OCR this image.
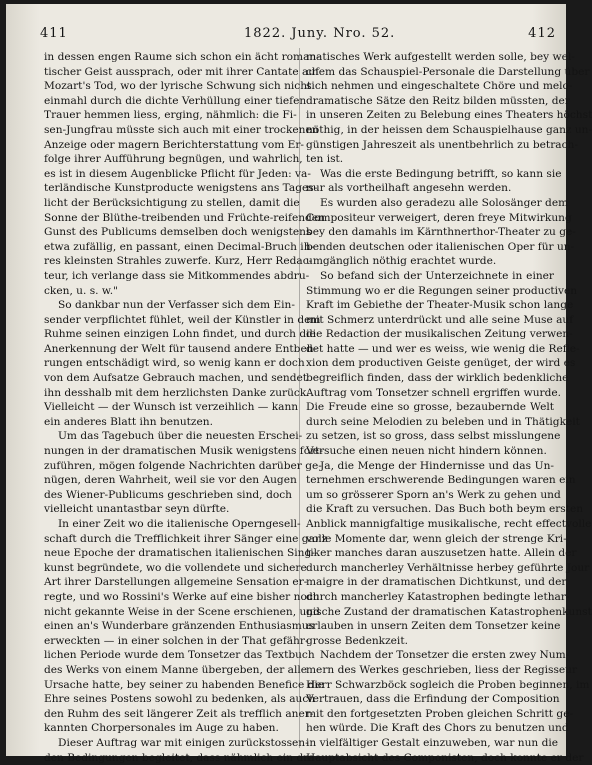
411	1822. Juny. Nro. 52.	412
in dessen engen Raume sich schon ein ächt roman-
tischer Geist aussprach, oder mit ihrer Cantate auf
Mozart's Tod, wo der lyrische Schwung sich nicht
einmahl durch die dichte Verhüllung einer tiefen
Trauer hemmen liess, erging, nähmlich: die Fi-
sen-Jungfrau müsste sich auch mit einer trockenen
Anzeige oder magern Berichterstattung vom Er-
folge ihrer Aufführung begnügen, und wahrlich,
es ist in diesem Augenblicke Pflicht für Jeden: va-
terländische Kunstproducte wenigstens ans Tages-
licht der Berücksichtigung zu stellen, damit die
Sonne der Blüthe-treibenden und Früchte-reifenden
Gunst des Publicums demselben doch wenigstens
etwa zufällig, en passant, einen Decimal-Bruch ih-
res kleinsten Strahles zuwerfe. Kurz, Herr Redac-
teur, ich verlange dass sie Mitkommendes abdru-
cken, u. s. w."
So dankbar nun der Verfasser sich dem Ein-
sender verpflichtet fühlet, weil der Künstler in dem
Ruhme seinen einzigen Lohn findet, und durch die
Anerkennung der Welt für tausend andere Entbeh-
rungen entschädigt wird, so wenig kann er doch
von dem Aufsatze Gebrauch machen, und sendet
ihn desshalb mit dem herzlichsten Danke zurück.
Vielleicht — der Wunsch ist verzeihlich — kann
ein anderes Blatt ihn benutzen.
Um das Tagebuch über die neuesten Erschei-
nungen in der dramatischen Musik wenigstens fort-
zuführen, mögen folgende Nachrichten darüber ge-
nügen, deren Wahrheit, weil sie vor den Augen
des Wiener-Publicums geschrieben sind, doch
vielleicht unantastbar seyn dürfte.
In einer Zeit wo die italienische Operngesell-
schaft durch die Trefflichkeit ihrer Sänger eine ganz
neue Epoche der dramatischen italienischen Sing-
kunst begründete, wo die vollendete und sichere
Art ihrer Darstellungen allgemeine Sensation er-
regte, und wo Rossini's Werke auf eine bisher noch
nicht gekannte Weise in der Scene erschienen, und
einen an's Wunderbare gränzenden Enthusiasmus
erweckten — in einer solchen in der That gefähr-
lichen Periode wurde dem Tonsetzer das Textbuch
des Werks von einem Manne übergeben, der alle
Ursache hatte, bey seiner zu habenden Benefice die
Ehre seines Postens sowohl zu bedenken, als auch
den Ruhm des seit längerer Zeit als trefflich aner-
kannten Chorpersonales im Auge zu haben.
Dieser Auftrag war mit einigen zurückstossen-
den Bedingungen begleitet, dass nähmlich ein dra-
matisches Werk aufgestellt werden solle, bey wel-
chem das Schauspiel-Personale die Darstellung über
sich nehmen und eingeschaltete Chöre und melo-
dramatische Sätze den Reitz bilden müssten, der
in unseren Zeiten zu Belebung eines Theaters höchst
nöthig, in der heissen dem Schauspielhause ganz un-
günstigen Jahreszeit als unentbehrlich zu betrach-
ten ist.
Was die erste Bedingung betrifft, so kann sie
nur als vortheilhaft angesehn werden.
Es wurden also geradezu alle Solosänger dem
Compositeur verweigert, deren freye Mitwirkung
bey den damahls im Kärnthnerthor-Theater zu ge-
benden deutschen oder italienischen Oper für un-
umgänglich nöthig erachtet wurde.
So befand sich der Unterzeichnete in einer
Stimmung wo er die Regungen seiner productiven
Kraft im Gebiethe der Theater-Musik schon lange
mit Schmerz unterdrückt und alle seine Muse auf
die Redaction der musikalischen Zeitung verwen-
det hatte — und wer es weiss, wie wenig die Refle-
xion dem productiven Geiste genüget, der wird es
begreiflich finden, dass der wirklich bedenkliche
Auftrag vom Tonsetzer schnell ergriffen wurde.
Die Freude eine so grosse, bezaubernde Welt
durch seine Melodien zu beleben und in Thätigkeit
zu setzen, ist so gross, dass selbst misslungene
Versuche einen neuen nicht hindern können.
Ja, die Menge der Hindernisse und das Un-
ternehmen erschwerende Bedingungen waren ein
um so grösserer Sporn an's Werk zu gehen und
die Kraft zu versuchen. Das Buch both beym ersten
Anblick mannigfaltige musikalische, recht effectvolle
volle Momente dar, wenn gleich der strenge Kri-
tiker manches daran auszusetzen hatte. Allein der
durch mancherley Verhältnisse herbey geführte Jour
maigre in der dramatischen Dichtkunst, und der
durch mancherley Katastrophen bedingte lethar-
gische Zustand der dramatischen Katastrophenkunst
erlauben in unsern Zeiten dem Tonsetzer keine
grosse Bedenkzeit.
Nachdem der Tonsetzer die ersten zwey Num-
mern des Werkes geschrieben, liess der Regisseur
Herr Schwarzböck sogleich die Proben beginnen, im
Vertrauen, dass die Erfindung der Composition
mit den fortgesetzten Proben gleichen Schritt ge-
hen würde. Die Kraft des Chors zu benutzen und
in vielfältiger Gestalt einzuweben, war nun die
Hauptabsicht des Componisten, doch konnte er der
